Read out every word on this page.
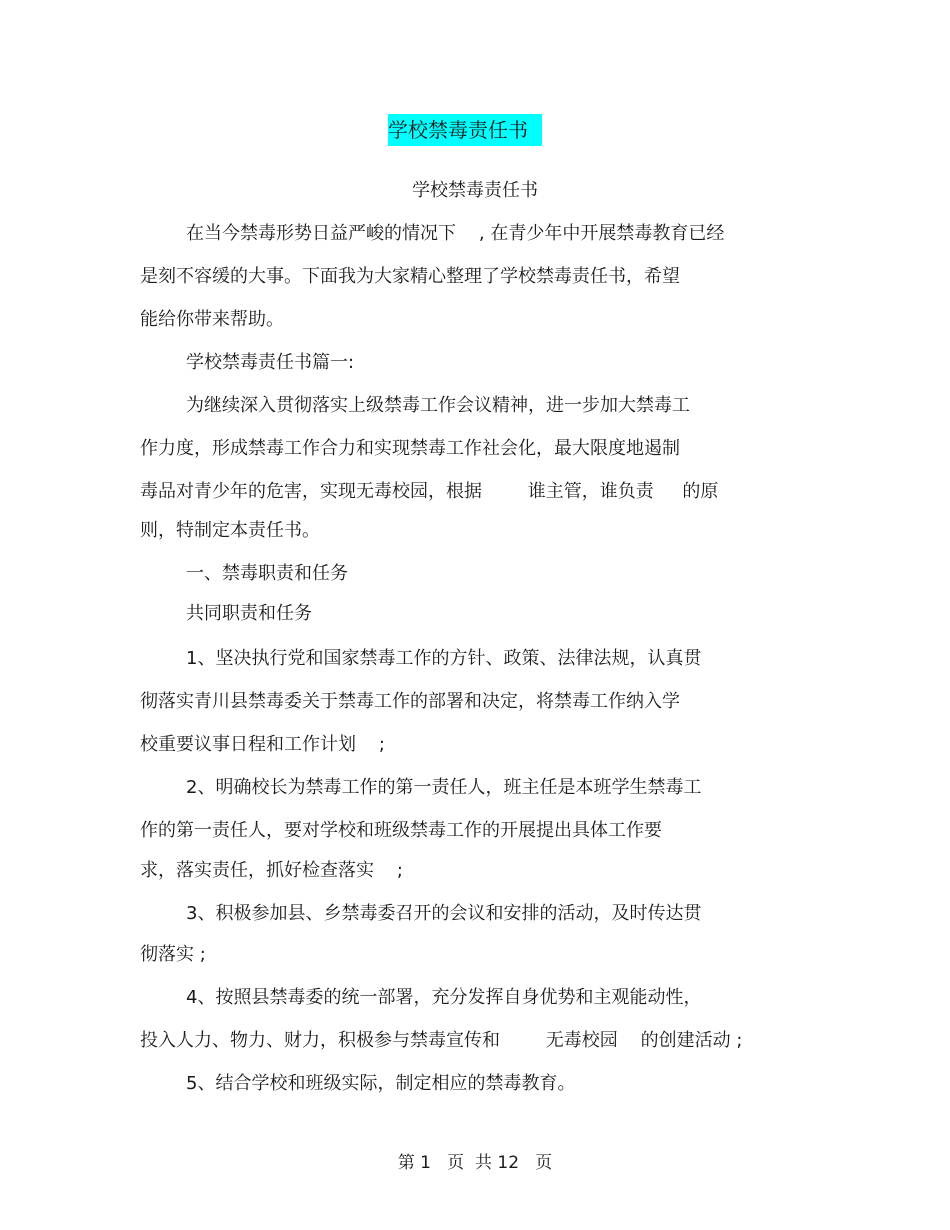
学校禁毒责任书
学校禁毒责任书
在当今禁毒形势日益严峻的情况下    , 在青少年中开展禁毒教育已经
是刻不容缓的大事。下面我为大家精心整理了学校禁毒责任书，希望
能给你带来帮助。
学校禁毒责任书篇一:
为继续深入贯彻落实上级禁毒工作会议精神，进一步加大禁毒工
作力度，形成禁毒工作合力和实现禁毒工作社会化，最大限度地遏制
毒品对青少年的危害，实现无毒校园，根据        谁主管，谁负责     的原
则，特制定本责任书。
一、禁毒职责和任务
共同职责和任务
1、坚决执行党和国家禁毒工作的方针、政策、法律法规，认真贯
彻落实青川县禁毒委关于禁毒工作的部署和决定，将禁毒工作纳入学
校重要议事日程和工作计划    ;
2、明确校长为禁毒工作的第一责任人，班主任是本班学生禁毒工
作的第一责任人，要对学校和班级禁毒工作的开展提出具体工作要
求，落实责任，抓好检查落实    ;
3、积极参加县、乡禁毒委召开的会议和安排的活动，及时传达贯
彻落实 ;
4、按照县禁毒委的统一部署，充分发挥自身优势和主观能动性，
投入人力、物力、财力，积极参与禁毒宣传和        无毒校园    的创建活动 ;
5、结合学校和班级实际，制定相应的禁毒教育。
第 1   页  共 12   页
